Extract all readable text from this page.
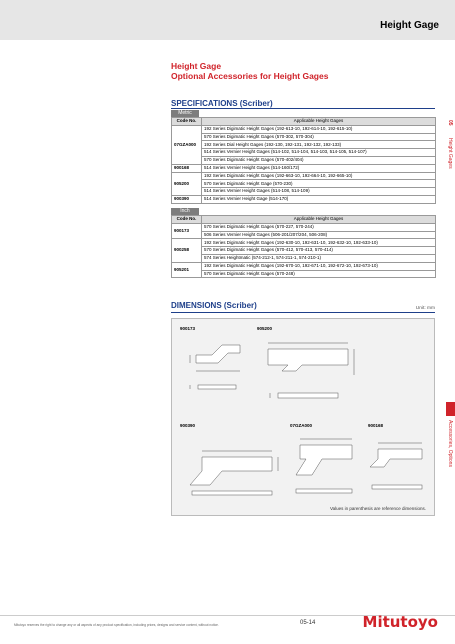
Height Gage
Height Gage
Optional Accessories for Height Gages
SPECIFICATIONS (Scriber)
Metric
Code No.	Applicable Height Gages
07GZA000	192 Series Digimatic Height Gages (192-613-10, 192-614-10, 192-615-10)
	570 Series Digimatic Height Gages (570-302, 570-304)
	192 Series Dial Height Gages (192-130, 192-131, 192-132, 192-133)
	514 Series Vernier Height Gages (514-102, 514-104, 514-103, 514-105, 514-107)
	570 Series Digimatic Height Gages (570-402/404)
900168	514 Series Vernier Height Gages (514-160/172)
905200	192 Series Digimatic Height Gages (192-663-10, 192-664-10, 192-665-10)
	570 Series Digimatic Height Gage (570-230)
	514 Series Vernier Height Gages (514-108, 514-109)
900390	514 Series Vernier Height Gage (514-170)
Inch
Code No.	Applicable Height Gages
900173	570 Series Digimatic Height Gages (570-227, 570-244)
	506 Series Vernier Height Gages (506-201/207/204, 506-208)
900258	192 Series Digimatic Height Gages (192-630-10, 192-631-10, 192-632-10, 192-633-10)
	570 Series Digimatic Height Gages (570-412, 570-413, 570-414)
	574 Series Heightmatic (574-212-1, 574-211-1, 574-210-1)
905201	192 Series Digimatic Height Gages (192-670-10, 192-671-10, 192-672-10, 192-673-10)
	570 Series Digimatic Height Gages (570-248)
05
Height Gages
Accessories, Options
DIMENSIONS (Scriber)	Unit: mm
900173	905200
900390	07GZA000	900168
Values in parenthesis are reference dimensions.
Mitutoyo reserves the right to change any or all aspects of any product specification, including prices, designs and service content, without notice.	05-14	Mitutoyo
